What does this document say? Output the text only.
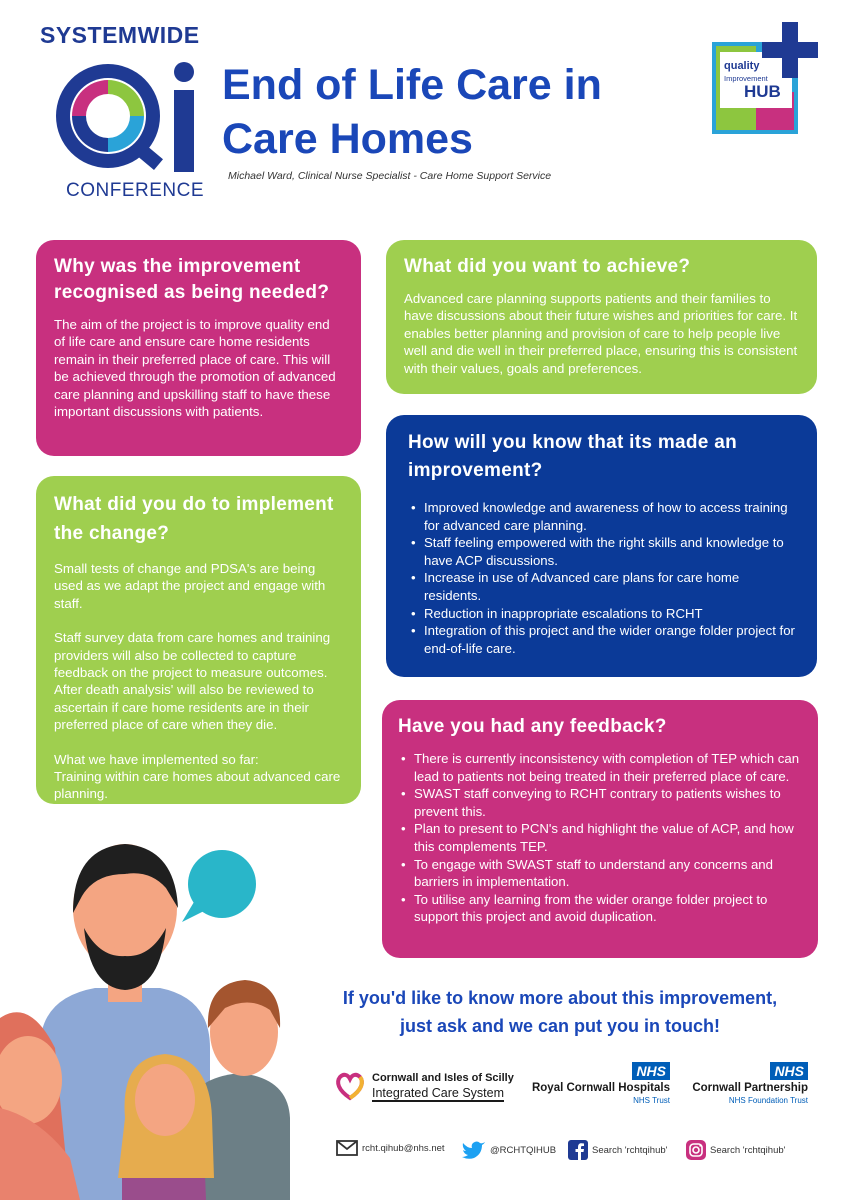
SYSTEMWIDE
CONFERENCE
End of Life Care in
Care Homes
Michael Ward, Clinical Nurse Specialist - Care Home Support Service
quality
Improvement
HUB
Why was the improvement recognised as being needed?

The aim of the project is to improve quality end of life care and ensure care home residents remain in their preferred place of care. This will be achieved through the promotion of advanced care planning and upskilling staff to have these important discussions with patients.

What did you want to achieve?

Advanced care planning supports patients and their families to have discussions about their future wishes and priorities for care. It enables better planning and provision of care to help people live well and die well in their preferred place, ensuring this is consistent with their values, goals and preferences.

How will you know that its made an improvement?
• Improved knowledge and awareness of how to access training for advanced care planning.
• Staff feeling empowered with the right skills and knowledge to have ACP discussions.
• Increase in use of Advanced care plans for care home residents.
• Reduction in inappropriate escalations to RCHT
• Integration of this project and the wider orange folder project for end-of-life care.
What did you do to implement the change?

Small tests of change and PDSA's are being used as we adapt the project and engage with staff.

Staff survey data from care homes and training providers will also be collected to capture feedback on the project to measure outcomes. After death analysis' will also be reviewed to ascertain if care home residents are in their preferred place of care when they die.

What we have implemented so far:

Training within care homes about advanced care planning.

Have you had any feedback?
• There is currently inconsistency with completion of TEP which can lead to patients not being treated in their preferred place of care.
• SWAST staff conveying to RCHT contrary to patients wishes to prevent this.
• Plan to present to PCN's and highlight the value of ACP, and how this complements TEP.
• To engage with SWAST staff to understand any concerns and barriers in implementation.
• To utilise any learning from the wider orange folder project to support this project and avoid duplication.
If you'd like to know more about this improvement,
just ask and we can put you in touch!
Cornwall and Isles of Scilly
Integrated Care System
NHS
Royal Cornwall Hospitals
NHS Trust
NHS
Cornwall Partnership
NHS Foundation Trust
rcht.qihub@nhs.net	@RCHTQIHUB	Search 'rchtqihub'	Search 'rchtqihub'
